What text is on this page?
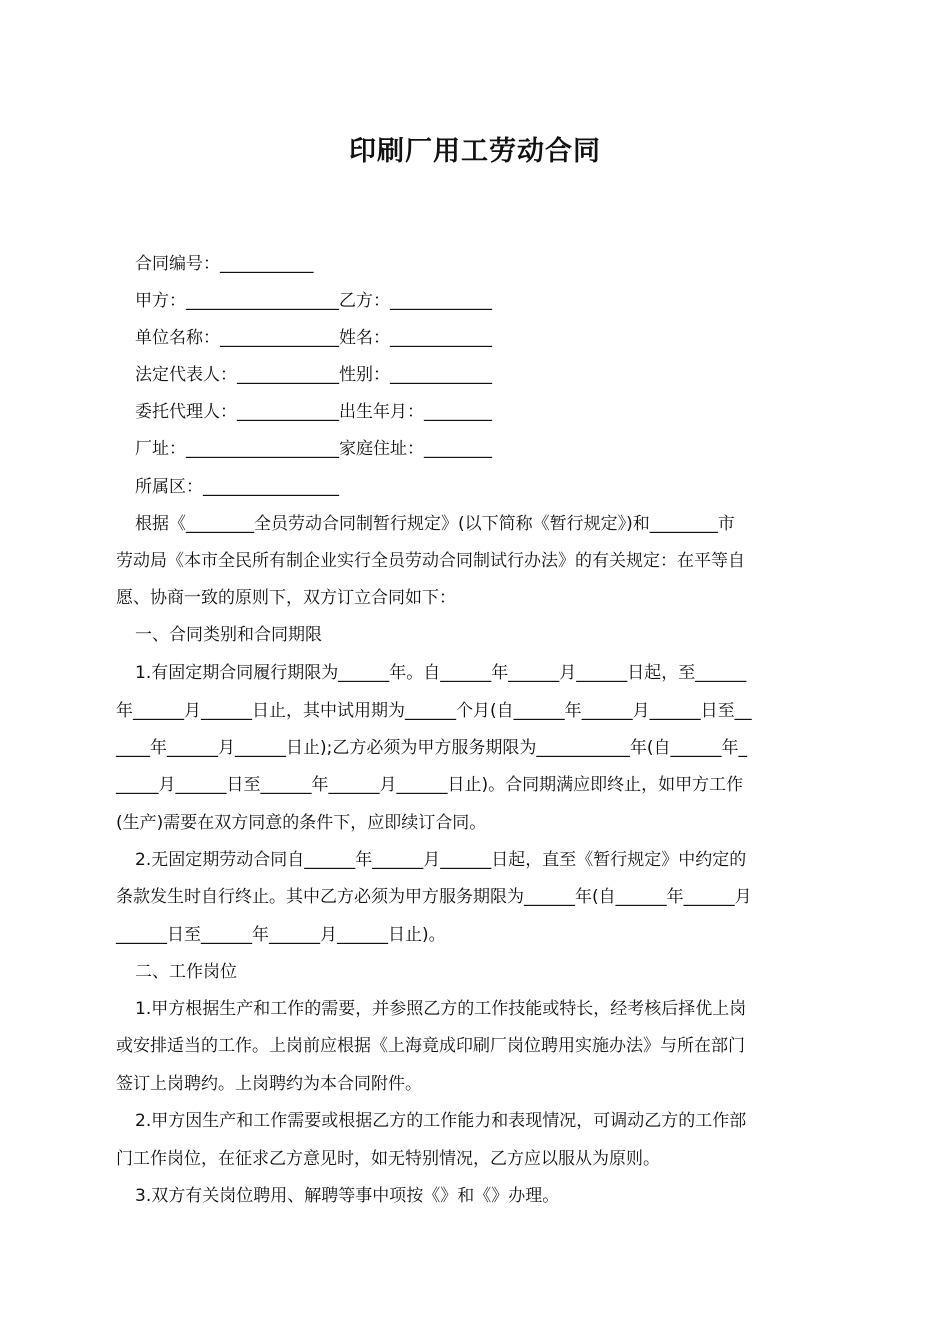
印刷厂用工劳动合同
合同编号：___________
甲方：__________________乙方：____________
单位名称：______________姓名：____________
法定代表人：____________性别：____________
委托代理人：____________出生年月：________
厂址：__________________家庭住址：________
所属区：________________
根据《________全员劳动合同制暂行规定》(以下简称《暂行规定》)和________市
劳动局《本市全民所有制企业实行全员劳动合同制试行办法》的有关规定：在平等自
愿、协商一致的原则下，双方订立合同如下：
一、合同类别和合同期限
1.有固定期合同履行期限为______年。自______年______月______日起，至______
年______月______日止，其中试用期为______个月(自______年______月______日至__
____年______月______日止);乙方必须为甲方服务期限为___________年(自______年_
_____月______日至______年______月______日止)。合同期满应即终止，如甲方工作
(生产)需要在双方同意的条件下，应即续订合同。
2.无固定期劳动合同自______年______月______日起，直至《暂行规定》中约定的
条款发生时自行终止。其中乙方必须为甲方服务期限为______年(自______年______月
______日至______年______月______日止)。
二、工作岗位
1.甲方根据生产和工作的需要，并参照乙方的工作技能或特长，经考核后择优上岗
或安排适当的工作。上岗前应根据《上海竟成印刷厂岗位聘用实施办法》与所在部门
签订上岗聘约。上岗聘约为本合同附件。
2.甲方因生产和工作需要或根据乙方的工作能力和表现情况，可调动乙方的工作部
门工作岗位，在征求乙方意见时，如无特别情况，乙方应以服从为原则。
3.双方有关岗位聘用、解聘等事中项按《》和《》办理。
